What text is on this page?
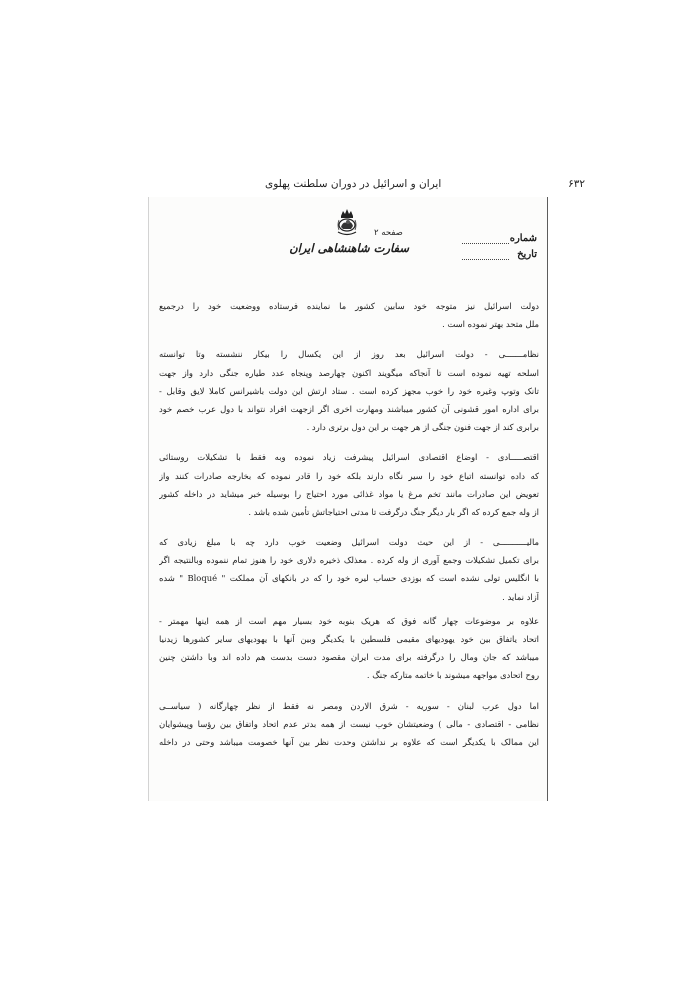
۶۳۲
ایران و اسرائیل در دوران سلطنت پهلوی
صفحه ۲
سفارت شاهنشاهی ایران
شماره
تاریخ
دولت اسرائیل نیز متوجه خود سابین کشور ما نماینده فرستاده ووضعیت خود را درجمیع
ملل متحد بهتر نموده است .
نظامـــــــی - دولت اسرائیل بعد روز از این یکسال را بیکار ننشسته وتا توانسته
اسلحه تهیه نموده است تا آنجاکه میگویند اکنون چهارصد وپنجاه عدد طیاره جنگی دارد واز جهت
تانک وتوپ وغیره خود را خوب مجهز کرده است . ستاد ارتش این دولت باشیرانس کاملا لایق وقابل -
برای اداره امور قشونی آن کشور میباشند ومهارت اخری اگر ازجهت افراد نتواند با دول عرب خصم خود
برابری کند از جهت فنون جنگی از هر جهت بر این دول برتری دارد .
اقتصـــــادی - اوضاع اقتصادی اسرائیل پیشرفت زیاد نموده وبه فقط با تشکیلات روستائی
که داده توانسته اتباع خود را سیر نگاه دارند بلکه خود را قادر نموده که بخارجه صادرات کنند واز
تعویض این صادرات مانند تخم مرغ یا مواد غذائی مورد احتیاج را بوسیله خبر میشاید در داخله کشور
از وله جمع کرده که اگر بار دیگر جنگ درگرفت تا مدتی احتیاجاتش تأمین شده باشد .
مالیـــــــــــی - از این حیث دولت اسرائیل وضعیت خوب دارد چه با مبلغ زیادی که
برای تکمیل تشکیلات وجمع آوری از وله کرده . معذلک ذخیره دلاری خود را هنوز تمام ننموده وبالنتیجه اگر
با انگلیس تولی نشده است که بوزدی حساب لیره خود را که در بانکهای آن مملکت " Bloqué " شده
آزاد نماید .
علاوه بر موضوعات چهار گانه فوق که هریک بنوبه خود بسیار مهم است از همه اینها مهمتر -
اتحاد یاتفاق بین خود یهودیهای مقیمی فلسطین با یکدیگر وبین آنها با یهودیهای سایر کشورها زیدنیا
میباشد که جان ومال را درگرفته برای مدت ایران مقصود دست بدست هم داده اند وبا داشتن چنین
روح اتحادی مواجهه میشوند با خاتمه متارکه جنگ .
اما دول عرب لبنان - سوریه - شرق الاردن ومصر نه فقط از نظر چهارگانه ( سیاســی
نظامی - اقتصادی - مالی ) وضعیتشان خوب نیست از همه بدتر عدم اتحاد واتفاق بین رؤسا وپیشوایان
این ممالک با یکدیگر است که علاوه بر نداشتن وحدت نظر بین آنها خصومت میباشد وحتی در داخله
